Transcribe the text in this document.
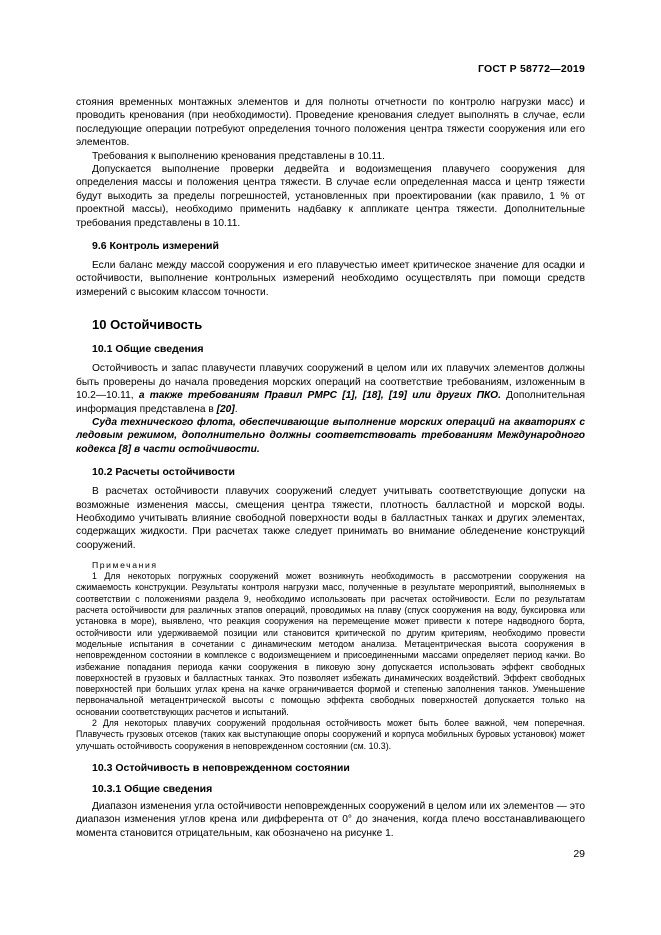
ГОСТ Р 58772—2019

стояния временных монтажных элементов и для полноты отчетности по контролю нагрузки масс) и проводить кренования (при необходимости). Проведение кренования следует выполнять в случае, если последующие операции потребуют определения точного положения центра тяжести сооружения или его элементов.

Требования к выполнению кренования представлены в 10.11.

Допускается выполнение проверки дедвейта и водоизмещения плавучего сооружения для определения массы и положения центра тяжести. В случае если определенная масса и центр тяжести будут выходить за пределы погрешностей, установленных при проектировании (как правило, 1 % от проектной массы), необходимо применить надбавку к аппликате центра тяжести. Дополнительные требования представлены в 10.11.

9.6 Контроль измерений

Если баланс между массой сооружения и его плавучестью имеет критическое значение для осадки и остойчивости, выполнение контрольных измерений необходимо осуществлять при помощи средств измерений с высоким классом точности.

10 Остойчивость
10.1 Общие сведения

Остойчивость и запас плавучести плавучих сооружений в целом или их плавучих элементов должны быть проверены до начала проведения морских операций на соответствие требованиям, изложенным в 10.2—10.11, а также требованиям Правил РМРС [1], [18], [19] или других ПКО. Дополнительная информация представлена в [20].

Суда технического флота, обеспечивающие выполнение морских операций на акваториях с ледовым режимом, дополнительно должны соответствовать требованиям Международного кодекса [8] в части остойчивости.

10.2 Расчеты остойчивости

В расчетах остойчивости плавучих сооружений следует учитывать соответствующие допуски на возможные изменения массы, смещения центра тяжести, плотность балластной и морской воды. Необходимо учитывать влияние свободной поверхности воды в балластных танках и других элементах, содержащих жидкости. При расчетах также следует принимать во внимание обледенение конструкций сооружений.

Примечания

1 Для некоторых погружных сооружений может возникнуть необходимость в рассмотрении сооружения на сжимаемость конструкции. Результаты контроля нагрузки масс, полученные в результате мероприятий, выполняемых в соответствии с положениями раздела 9, необходимо использовать при расчетах остойчивости. Если по результатам расчета остойчивости для различных этапов операций, проводимых на плаву (спуск сооружения на воду, буксировка или установка в море), выявлено, что реакция сооружения на перемещение может привести к потере надводного борта, остойчивости или удерживаемой позиции или становится критической по другим критериям, необходимо провести модельные испытания в сочетании с динамическим методом анализа. Метацентрическая высота сооружения в неповрежденном состоянии в комплексе с водоизмещением и присоединенными массами определяет период качки. Во избежание попадания периода качки сооружения в пиковую зону допускается использовать эффект свободных поверхностей в грузовых и балластных танках. Это позволяет избежать динамических воздействий. Эффект свободных поверхностей при больших углах крена на качке ограничивается формой и степенью заполнения танков. Уменьшение первоначальной метацентрической высоты с помощью эффекта свободных поверхностей допускается только на основании соответствующих расчетов и испытаний.

2 Для некоторых плавучих сооружений продольная остойчивость может быть более важной, чем поперечная. Плавучесть грузовых отсеков (таких как выступающие опоры сооружений и корпуса мобильных буровых установок) может улучшать остойчивость сооружения в неповрежденном состоянии (см. 10.3).

10.3 Остойчивость в неповрежденном состоянии
10.3.1 Общие сведения

Диапазон изменения угла остойчивости неповрежденных сооружений в целом или их элементов — это диапазон изменения углов крена или дифферента от 0° до значения, когда плечо восстанавливающего момента становится отрицательным, как обозначено на рисунке 1.

29
